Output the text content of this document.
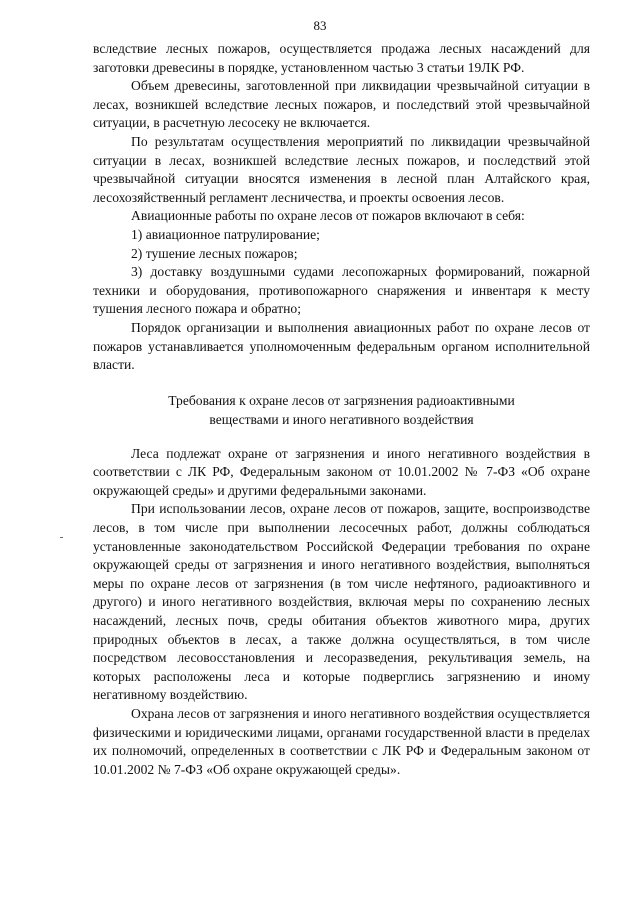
83

вследствие лесных пожаров, осуществляется продажа лесных насаждений для заготовки древесины в порядке, установленном частью 3 статьи 19ЛК РФ.

Объем древесины, заготовленной при ликвидации чрезвычайной ситуации в лесах, возникшей вследствие лесных пожаров, и последствий этой чрезвычайной ситуации, в расчетную лесосеку не включается.

По результатам осуществления мероприятий по ликвидации чрезвычайной ситуации в лесах, возникшей вследствие лесных пожаров, и последствий этой чрезвычайной ситуации вносятся изменения в лесной план Алтайского края, лесохозяйственный регламент лесничества, и проекты освоения лесов.

Авиационные работы по охране лесов от пожаров включают в себя:

1) авиационное патрулирование;

2) тушение лесных пожаров;

3) доставку воздушными судами лесопожарных формирований, пожарной техники и оборудования, противопожарного снаряжения и инвентаря к месту тушения лесного пожара и обратно;

Порядок организации и выполнения авиационных работ по охране лесов от пожаров устанавливается уполномоченным федеральным органом исполнительной власти.

Требования к охране лесов от загрязнения радиоактивными
веществами и иного негативного воздействия

Леса подлежат охране от загрязнения и иного негативного воздействия в соответствии с ЛК РФ, Федеральным законом от 10.01.2002 № 7-ФЗ «Об охране окружающей среды» и другими федеральными законами.

При использовании лесов, охране лесов от пожаров, защите, воспроизводстве лесов, в том числе при выполнении лесосечных работ, должны соблюдаться установленные законодательством Российской Федерации требования по охране окружающей среды от загрязнения и иного негативного воздействия, выполняться меры по охране лесов от загрязнения (в том числе нефтяного, радиоактивного и другого) и иного негативного воздействия, включая меры по сохранению лесных насаждений, лесных почв, среды обитания объектов животного мира, других природных объектов в лесах, а также должна осуществляться, в том числе посредством лесовосстановления и лесоразведения, рекультивация земель, на которых расположены леса и которые подверглись загрязнению и иному негативному воздействию.

Охрана лесов от загрязнения и иного негативного воздействия осуществляется физическими и юридическими лицами, органами государственной власти в пределах их полномочий, определенных в соответствии с ЛК РФ и Федеральным законом от 10.01.2002 № 7-ФЗ «Об охране окружающей среды».
